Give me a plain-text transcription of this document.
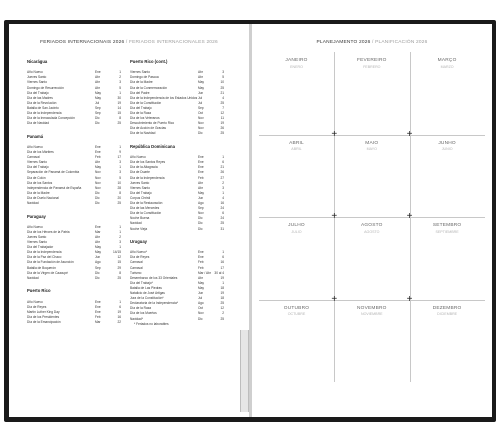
FERIADOS INTERNACIONAIS 2026 / FERIADOS INTERNACIONALES 2026
Nicarágua
Año Nuevo	Ene	1
Jueves Santo	Abr	2
Viernes Santo	Abr	3
Domingo de Resurrección	Abr	5
Día del Trabajo	May	1
Día de las Madres	May	30
Día de la Revolución	Jul	19
Batalla de San Jacinto	Sep	14
Día de la Independencia	Sep	15
Día de la Inmaculada Concepción	Dic	8
Día de Navidad	Dic	25
Panamá
Año Nuevo	Ene	1
Día de los Mártires	Ene	9
Carnaval	Feb	17
Viernes Santo	Abr	3
Día del Trabajo	May	1
Separación de Panamá de Colombia	Nov	3
Día de Colón	Nov	5
Día de los Santos	Nov	10
Independencia de Panamá de España	Nov	28
Día de la Madre	Dic	8
Día de Duelo Nacional	Dic	20
Navidad	Dic	25
Paraguay
Año Nuevo	Ene	1
Día de los Héroes de la Patria	Mar	1
Jueves Santo	Abr	2
Viernes Santo	Abr	3
Día del Trabajador	May	1
Día de la Independencia	May	14/15
Día de la Paz del Chaco	Jun	12
Día de la Fundación de Asunción	Ago	15
Batalla de Boquerón	Sep	29
Día de la Virgen de Caacupé	Dic	8
Navidad	Dic	25
Puerto Rico
Año Nuevo	Ene	1
Día de Reyes	Ene	6
Martin Luther King Day	Ene	19
Día de los Presidentes	Feb	16
Día de la Emancipación	Mar	22
Puerto Rico (cont.)
Viernes Santo	Abr	3
Domingo de Pascua	Abr	5
Día de la Madre	May	10
Día de la Conmemoración	May	25
Día del Padre	Jun	21
Día de la Independencia de los Estados Unidos Jul	4
Día de la Constitución	Jul	25
Día del Trabajo	Sep	7
Día de la Raza	Oct	12
Día de los Veteranos	Nov	11
Descubrimiento de Puerto Rico	Nov	19
Día de Acción de Gracias	Nov	26
Día de la Navidad	Dic	25
República Dominicana
Año Nuevo	Ene	1
Día de los Santos Reyes	Ene	6
Día de la Altagracia	Ene	21
Día de Duarte	Ene	26
Día de la Independencia	Feb	27
Jueves Santo	Abr	2
Viernes Santo	Abr	3
Día del Trabajo	May	1
Corpus Christi	Jun	4
Día de la Restauración	Ago	16
Día de las Mercedes	Sep	24
Día de la Constitución	Nov	6
Noche Buena	Dic	24
Navidad	Dic	25
Noche Vieja	Dic	31
Uruguay
Año Nuevo*	Ene	1
Día de Reyes	Ene	6
Carnaval	Feb	16
Carnaval	Feb	17
Turismo	Mar / Abr	30 al 4
Desembarco de los 33 Orientales	Abr	19
Día del Trabajo*	May	1
Batalla de Las Piedras	May	18
Natalicio de José Artigas	Jun	19
Jura de la Constitución*	Jul	18
Declaratoria de la Independencia*	Ago	25
Día de la Raza	Oct	12
Día de los Muertos	Nov	2
Navidad*	Dic	25
* Feriados no laborables
PLANEJAMENTO 2026 / PLANIFICACIÓN 2026
JANEIRO
ENERO
FEVEREIRO
FEBRERO
MARÇO
MARZO
ABRIL
ABRIL
MAIO
MAYO
JUNHO
JUNIO
JULHO
JULIO
AGOSTO
AGOSTO
SETEMBRO
SEPTIEMBRE
OUTUBRO
OCTUBRE
NOVEMBRO
NOVIEMBRE
DEZEMBRO
DICIEMBRE
+	+
+	+
+	+
